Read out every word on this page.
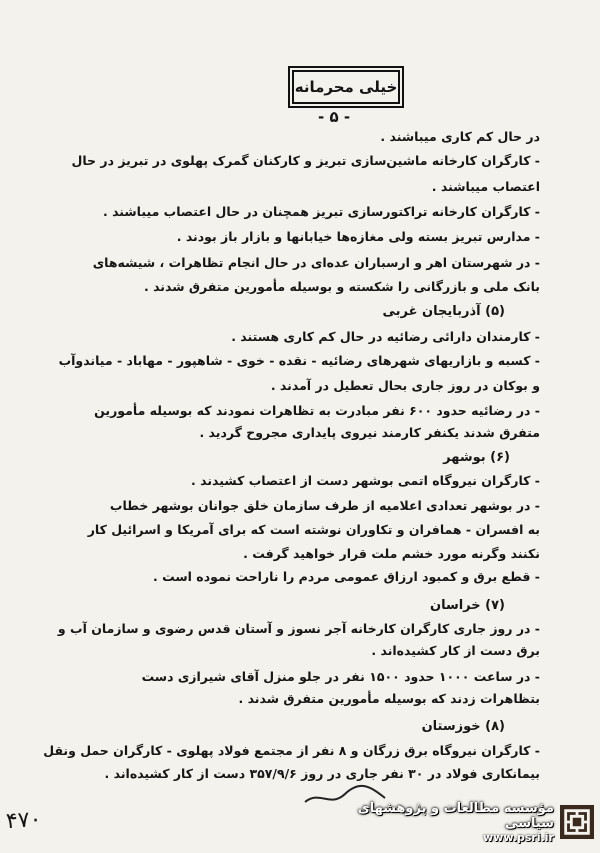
خیلی محرمانه
- ۵ -
در حال کم کاری میباشند .
- کارگران کارخانه ماشین‌سازی تبریز و کارکنان گمرک پهلوی در تبریز در حال
اعتصاب میباشند .
- کارگران کارخانه تراکتورسازی تبریز همچنان در حال اعتصاب میباشند .
- مدارس تبریز بسته ولی مغازه‌ها خیابانها و بازار باز بودند .
- در شهرستان اهر و ارسباران عده‌ای در حال انجام تظاهرات ، شیشه‌های
بانک ملی و بازرگانی را شکسته و بوسیله مأمورین متفرق شدند .
(۵) آذربایجان غربی
- کارمندان دارائی رضائیه در حال کم کاری هستند .
- کسبه و بازاریهای شهرهای رضائیه - نقده - خوی - شاهپور - مهاباد - میاندوآب
و بوکان در روز جاری بحال تعطیل در آمدند .
- در رضائیه حدود ۶۰۰ نفر مبادرت به تظاهرات نمودند که بوسیله مأمورین
متفرق شدند یکنفر کارمند نیروی پایداری مجروح گردید .
(۶) بوشهر
- کارگران نیروگاه اتمی بوشهر دست از اعتصاب کشیدند .
- در بوشهر تعدادی اعلامیه از طرف سازمان خلق جوانان بوشهر خطاب
به افسران - همافران و تکاوران نوشته است که برای آمریکا و اسرائیل کار
نکنند وگرنه مورد خشم ملت قرار خواهید گرفت .
- قطع برق و کمبود ارزاق عمومی مردم را ناراحت نموده است .
(۷) خراسان
- در روز جاری کارگران کارخانه آجر نسوز و آستان قدس رضوی و سازمان آب و
برق دست از کار کشیده‌اند .
- در ساعت ۱۰۰۰ حدود ۱۵۰۰ نفر در جلو منزل آقای شیرازی دست
بتظاهرات زدند که بوسیله مأمورین متفرق شدند .
(۸) خوزستان
- کارگران نیروگاه برق زرگان و ۸ نفر از مجتمع فولاد پهلوی - کارگران حمل ونقل
بیمانکاری فولاد در ۳۰ نفر جاری در روز ۳۵۷/۹/۶ دست از کار کشیده‌اند .
۴۷۰	مؤسسه مطالعات و پژوهشهای سیاسی
www.psri.ir
